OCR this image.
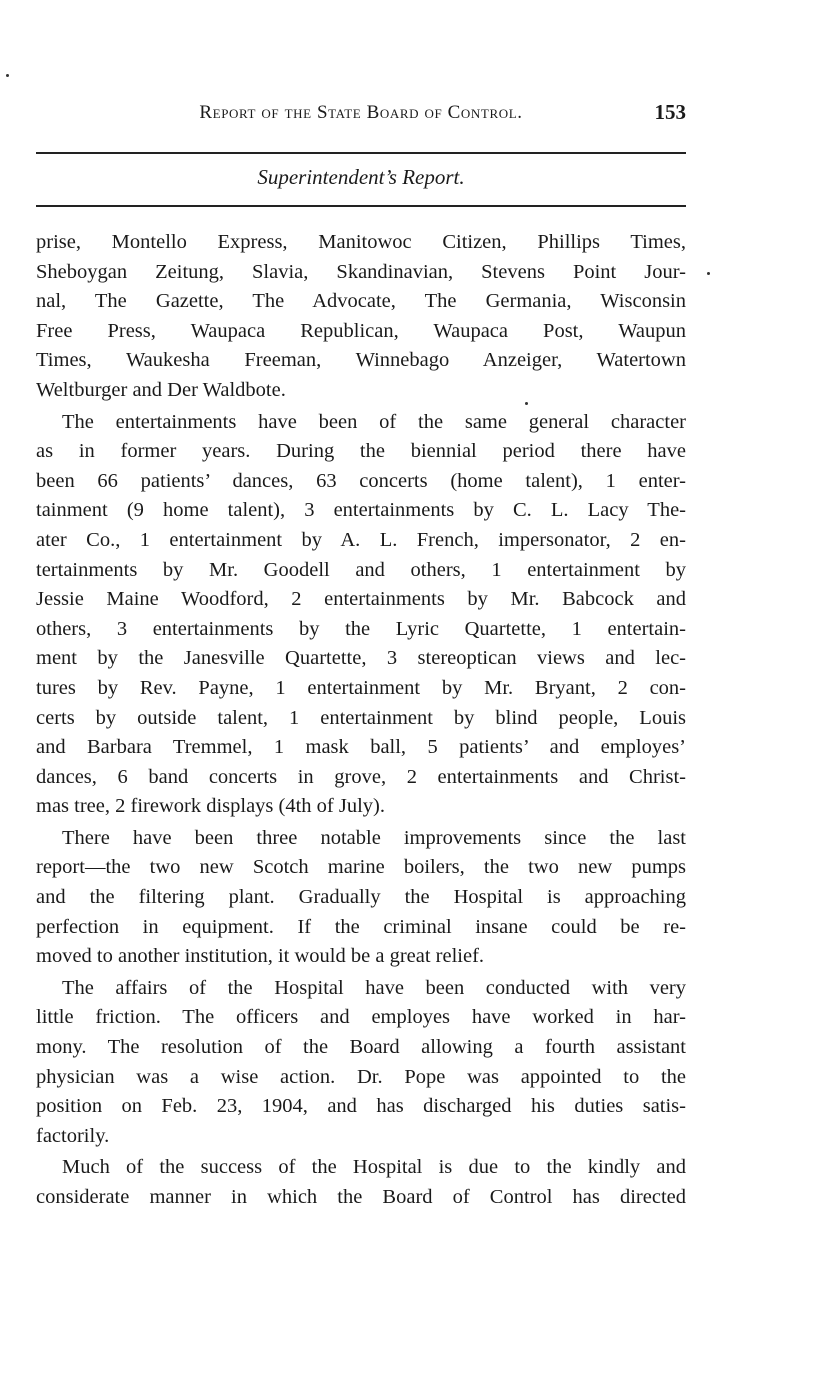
Report of the State Board of Control.	153
Superintendent’s Report.
prise, Montello Express, Manitowoc Citizen, Phillips Times,
Sheboygan Zeitung, Slavia, Skandinavian, Stevens Point Jour-
nal, The Gazette, The Advocate, The Germania, Wisconsin
Free Press, Waupaca Republican, Waupaca Post, Waupun
Times, Waukesha Freeman, Winnebago Anzeiger, Watertown
Weltburger and Der Waldbote.
The entertainments have been of the same general character
as in former years. During the biennial period there have
been 66 patients’ dances, 63 concerts (home talent), 1 enter-
tainment (9 home talent), 3 entertainments by C. L. Lacy The-
ater Co., 1 entertainment by A. L. French, impersonator, 2 en-
tertainments by Mr. Goodell and others, 1 entertainment by
Jessie Maine Woodford, 2 entertainments by Mr. Babcock and
others, 3 entertainments by the Lyric Quartette, 1 entertain-
ment by the Janesville Quartette, 3 stereoptican views and lec-
tures by Rev. Payne, 1 entertainment by Mr. Bryant, 2 con-
certs by outside talent, 1 entertainment by blind people, Louis
and Barbara Tremmel, 1 mask ball, 5 patients’ and employes’
dances, 6 band concerts in grove, 2 entertainments and Christ-
mas tree, 2 firework displays (4th of July).
There have been three notable improvements since the last
report—the two new Scotch marine boilers, the two new pumps
and the filtering plant. Gradually the Hospital is approaching
perfection in equipment. If the criminal insane could be re-
moved to another institution, it would be a great relief.
The affairs of the Hospital have been conducted with very
little friction. The officers and employes have worked in har-
mony. The resolution of the Board allowing a fourth assistant
physician was a wise action. Dr. Pope was appointed to the
position on Feb. 23, 1904, and has discharged his duties satis-
factorily.
Much of the success of the Hospital is due to the kindly and
considerate manner in which the Board of Control has directed
